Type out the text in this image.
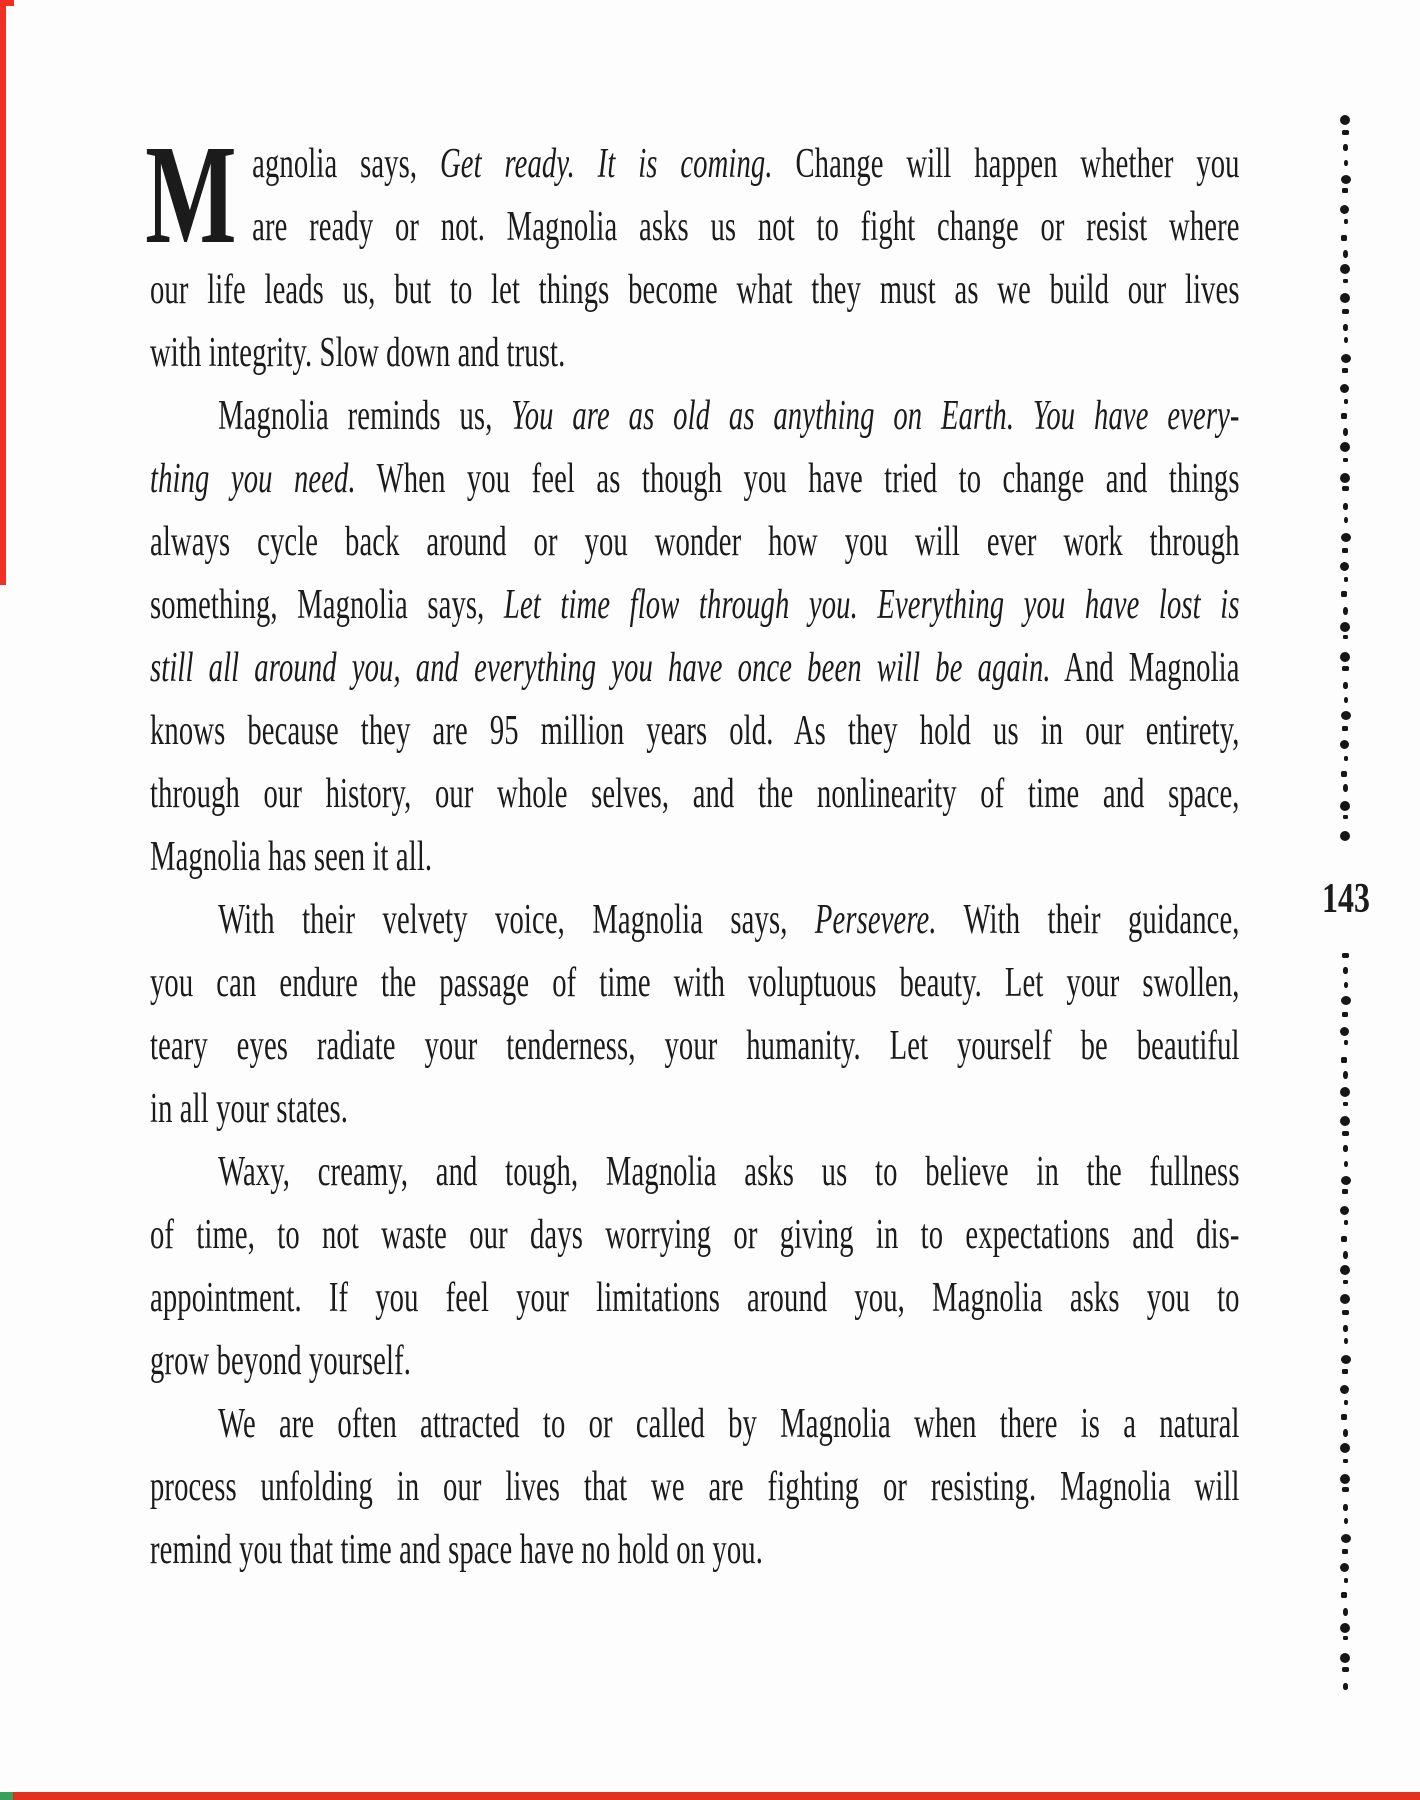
M agnolia says, Get ready. It is coming. Change will happen whether you
are ready or not. Magnolia asks us not to fight change or resist where
our life leads us, but to let things become what they must as we build our lives
with integrity. Slow down and trust.
Magnolia reminds us, You are as old as anything on Earth. You have every-
thing you need. When you feel as though you have tried to change and things
always cycle back around or you wonder how you will ever work through
something, Magnolia says, Let time flow through you. Everything you have lost is
still all around you, and everything you have once been will be again. And Magnolia
knows because they are 95 million years old. As they hold us in our entirety,
through our history, our whole selves, and the nonlinearity of time and space,
Magnolia has seen it all.
With their velvety voice, Magnolia says, Persevere. With their guidance,
you can endure the passage of time with voluptuous beauty. Let your swollen,
teary eyes radiate your tenderness, your humanity. Let yourself be beautiful
in all your states.
Waxy, creamy, and tough, Magnolia asks us to believe in the fullness
of time, to not waste our days worrying or giving in to expectations and dis-
appointment. If you feel your limitations around you, Magnolia asks you to
grow beyond yourself.
We are often attracted to or called by Magnolia when there is a natural
process unfolding in our lives that we are fighting or resisting. Magnolia will
remind you that time and space have no hold on you.
143
